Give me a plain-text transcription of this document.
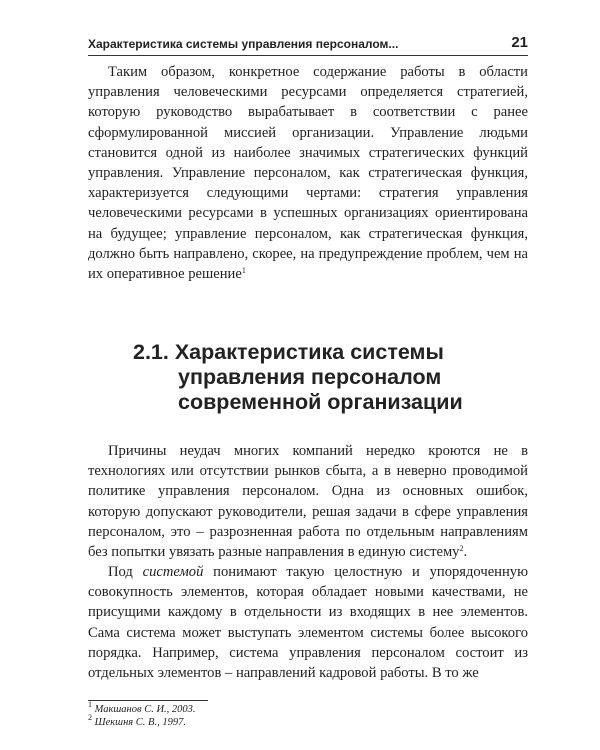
Характеристика системы управления персоналом...	21

Таким образом, конкретное содержание работы в области управления человеческими ресурсами определяется стратегией, которую руководство вырабатывает в соответствии с ранее сформулированной миссией организации. Управление людьми становится одной из наиболее значимых стратегических функций управления. Управление персоналом, как стратегическая функция, характеризуется следующими чертами: стратегия управления человеческими ресурсами в успешных организациях ориентирована на будущее; управление персоналом, как стратегическая функция, должно быть направлено, скорее, на предупреждение проблем, чем на их оперативное решение$^1$

2.1. Характеристика системы
управления персоналом
современной организации

Причины неудач многих компаний нередко кроются не в технологиях или отсутствии рынков сбыта, а в неверно проводимой политике управления персоналом. Одна из основных ошибок, которую допускают руководители, решая задачи в сфере управления персоналом, это – разрозненная работа по отдельным направлениям без попытки увязать разные направления в единую систему$^2$.

Под системой понимают такую целостную и упорядоченную совокупность элементов, которая обладает новыми качествами, не присущими каждому в отдельности из входящих в нее элементов. Сама система может выступать элементом системы более высокого порядка. Например, система управления персоналом состоит из отдельных элементов – направлений кадровой работы. В то же

$^1$ Макшанов С. И., 2003.
$^2$ Шекшня С. В., 1997.
